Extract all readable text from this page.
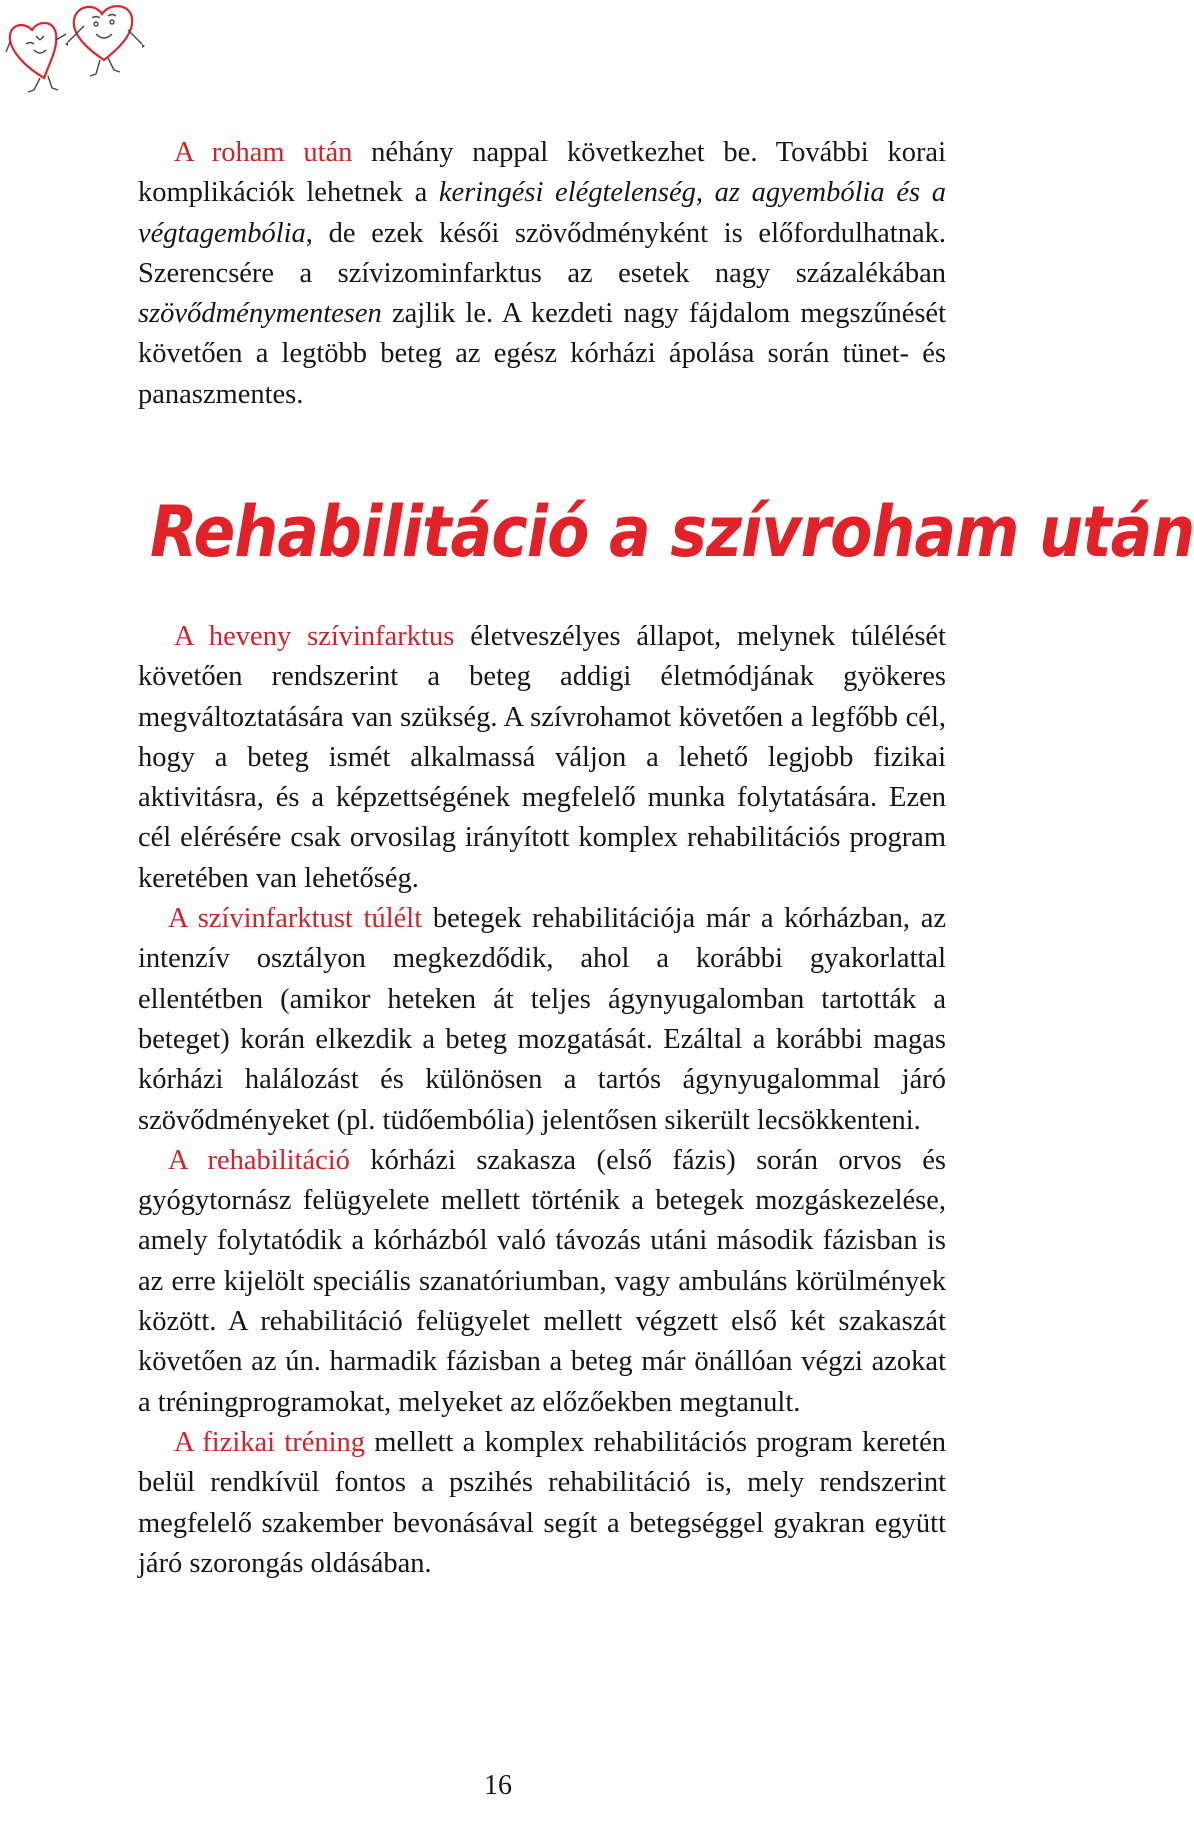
A roham után néhány nappal következhet be. További korai komplikációk lehetnek a keringési elégtelenség, az agyembólia és a végtagembólia, de ezek késői szövődményként is előfordulhatnak. Szerencsére a szívizominfarktus az esetek nagy százalékában szövődménymentesen zajlik le. A kezdeti nagy fájdalom megszűnését követően a legtöbb beteg az egész kórházi ápolása során tünet- és panaszmentes.

Rehabilitáció a szívroham után

A heveny szívinfarktus életveszélyes állapot, melynek túlélését követően rendszerint a beteg addigi életmódjának gyökeres megváltoztatására van szükség. A szívrohamot követően a legfőbb cél, hogy a beteg ismét alkalmassá váljon a lehető legjobb fizikai aktivitásra, és a képzettségének megfelelő munka folytatására. Ezen cél elérésére csak orvosilag irányított komplex rehabilitációs program keretében van lehetőség.

A szívinfarktust túlélt betegek rehabilitációja már a kórházban, az intenzív osztályon megkezdődik, ahol a korábbi gyakorlattal ellentétben (amikor heteken át teljes ágynyugalomban tartották a beteget) korán elkezdik a beteg mozgatását. Ezáltal a korábbi magas kórházi halálozást és különösen a tartós ágynyugalommal járó szövődményeket (pl. tüdőembólia) jelentősen sikerült lecsökkenteni.

A rehabilitáció kórházi szakasza (első fázis) során orvos és gyógytornász felügyelete mellett történik a betegek mozgáskezelése, amely folytatódik a kórházból való távozás utáni második fázisban is az erre kijelölt speciális szanatóriumban, vagy ambuláns körülmények között. A rehabilitáció felügyelet mellett végzett első két szakaszát követően az ún. harmadik fázisban a beteg már önállóan végzi azokat a tréningprogramokat, melyeket az előzőekben megtanult.

A fizikai tréning mellett a komplex rehabilitációs program keretén belül rendkívül fontos a pszihés rehabilitáció is, mely rendszerint megfelelő szakember bevonásával segít a betegséggel gyakran együtt járó szorongás oldásában.

16
